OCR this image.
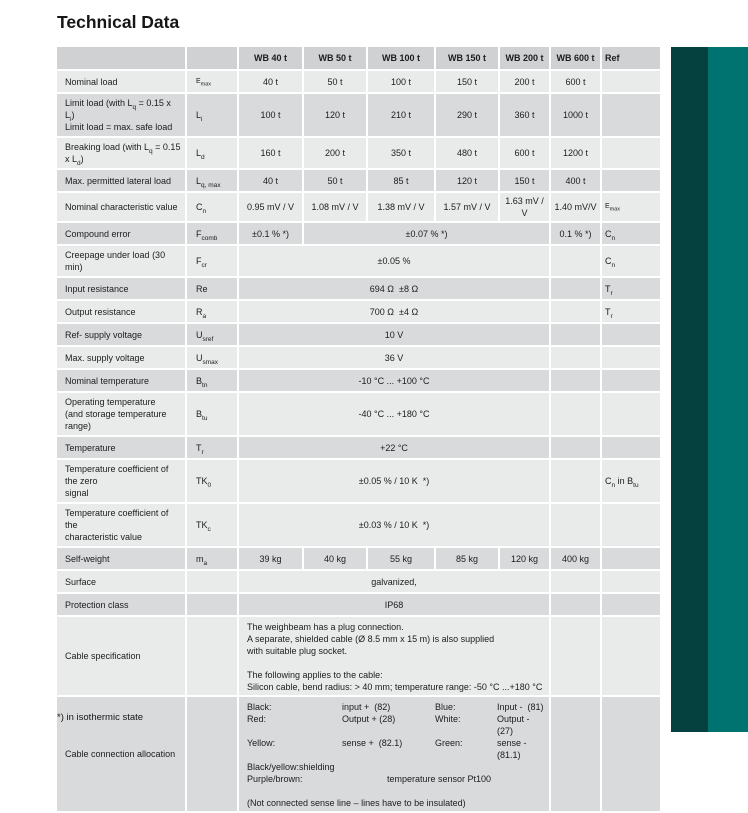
Technical Data
		WB 40 t	WB 50 t	WB 100 t	WB 150 t	WB 200 t	WB 600 t	Ref

Nominal load	$E_{max}$	40 t	50 t	100 t	150 t	200 t	600 t	

Limit load (with $L_q = 0.15$ x $L_i$)
Limit load = max. safe load	$L_i$	100 t	120 t	210 t	290 t	360 t	1000 t	

Breaking load (with $L_q = 0.15$ x $L_d$)	$L_d$	160 t	200 t	350 t	480 t	600 t	1200 t	

Max. permitted lateral load	$L_{q, max}$	40 t	50 t	85 t	120 t	150 t	400 t	

Nominal characteristic value	$C_n$	0.95 mV / V	1.08 mV / V	1.38 mV / V	1.57 mV / V	1.63 mV / V	1.40 mV/V	$E_{max}$

Compound error	$F_{comb}$	±0.1 % *)	±0.07 % *)				0.1 % *)	$C_n$

Creepage under load (30 min)	$F_{cr}$	±0.05 %						$C_n$

Input resistance	Re	694 Ω  ±8 Ω						$T_r$

Output resistance	$R_a$	700 Ω  ±4 Ω						$T_r$

Ref- supply voltage	$U_{sref}$	10 V						

Max. supply voltage	$U_{smax}$	36 V						

Nominal temperature	$B_{tn}$	-10 °C ... +100 °C						

Operating temperature
(and storage temperature range)	$B_{tu}$	-40 °C ... +180 °C						

Temperature	$T_r$	+22 °C						

Temperature coefficient of the zero
signal	$TK_0$	±0.05 % / 10 K  *)						$C_n$ in $B_{tu}$

Temperature coefficient of the
characteristic value	$TK_c$	±0.03 % / 10 K  *)						

Self-weight	$m_a$	39 kg	40 kg	55 kg	85 kg	120 kg	400 kg	

Surface		galvanized,						

Protection class		IP68						

Cable specification		The weighbeam has a plug connection.
A separate, shielded cable (Ø 8.5 mm x 15 m) is also supplied
with suitable plug socket.

The following applies to the cable:
Silicon cable, bend radius: > 40 mm; temperature range: -50 °C ...+180 °C						

Cable connection allocation

Black:	input +  (82)	Blue:	Input -  (81)
Red:	Output + (28)	White:	Output - (27)
Yellow:	sense +  (82.1)	Green:	sense -  (81.1)
Black/yellow:shielding
Purple/brown:	temperature sensor Pt100

(Not connected sense line – lines have to be insulated)

*) in isothermic state
